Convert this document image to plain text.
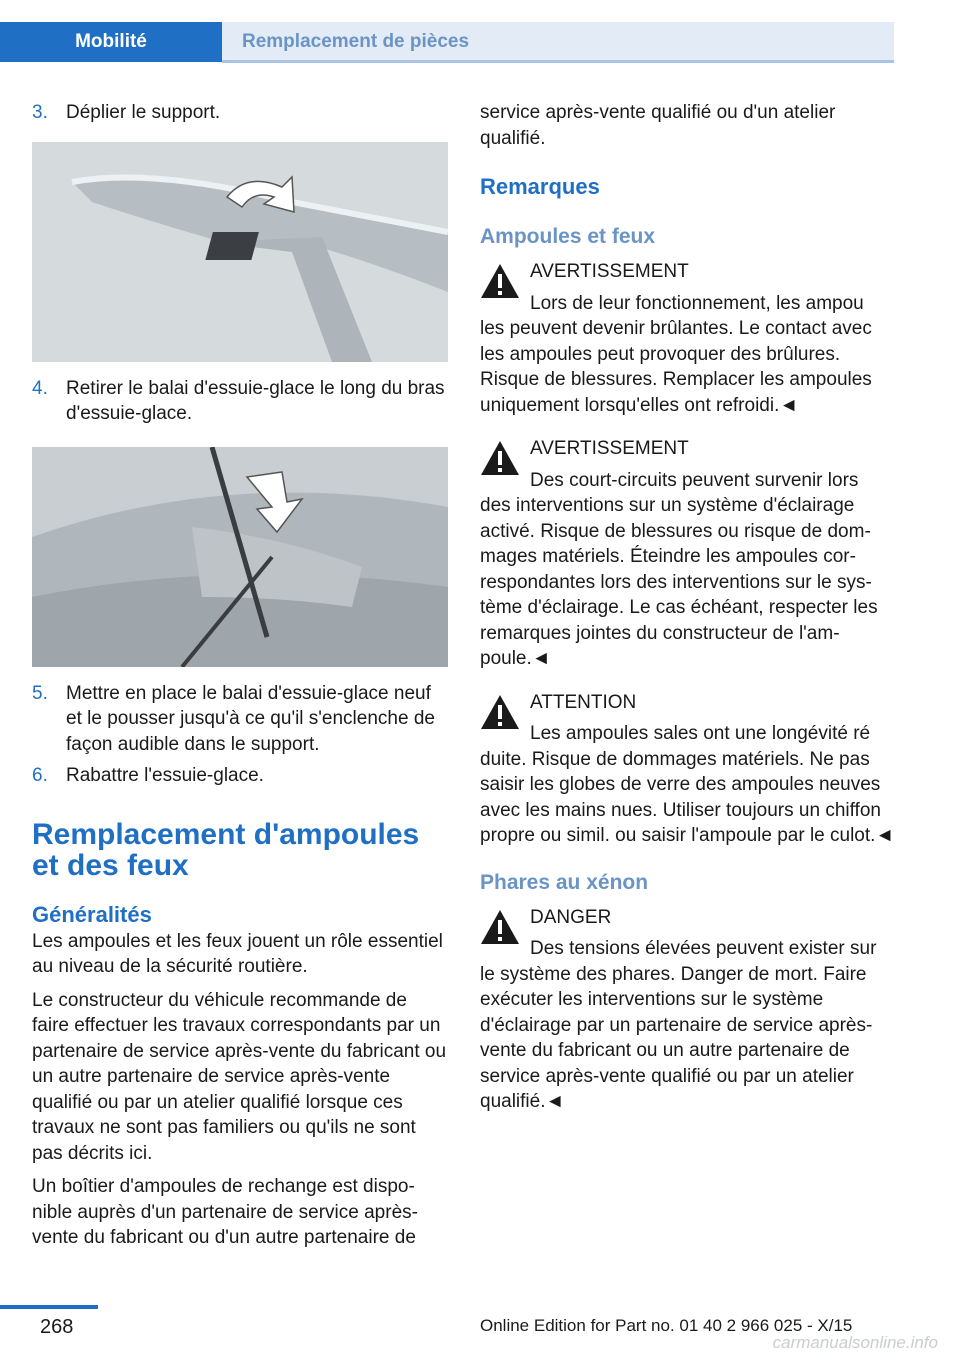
Mobilité	Remplacement de pièces
3. Déplier le support.
4. Retirer le balai d'essuie-glace le long du bras d'essuie-glace.
5. Mettre en place le balai d'essuie-glace neuf et le pousser jusqu'à ce qu'il s'enclenche de façon audible dans le support.
6. Rabattre l'essuie-glace.
Remplacement d'ampoules et des feux
Généralités

Les ampoules et les feux jouent un rôle essentiel au niveau de la sécurité routière.

Le constructeur du véhicule recommande de faire effectuer les travaux correspondants par un partenaire de service après-vente du fabricant ou un autre partenaire de service après-vente qualifié ou par un atelier qualifié lorsque ces travaux ne sont pas familiers ou qu'ils ne sont pas décrits ici.

Un boîtier d'ampoules de rechange est disponible auprès d'un partenaire de service après-vente du fabricant ou d'un autre partenaire de

service après-vente qualifié ou d'un atelier qualifié.

Remarques
Ampoules et feux
AVERTISSEMENT
Lors de leur fonctionnement, les ampou

les peuvent devenir brûlantes. Le contact avec les ampoules peut provoquer des brûlures. Risque de blessures. Remplacer les ampoules uniquement lorsqu'elles ont refroidi.◄

AVERTISSEMENT
Des court-circuits peuvent survenir lors

des interventions sur un système d'éclairage activé. Risque de blessures ou risque de dommages matériels. Éteindre les ampoules correspondantes lors des interventions sur le système d'éclairage. Le cas échéant, respecter les remarques jointes du constructeur de l'ampoule.◄

ATTENTION
Les ampoules sales ont une longévité ré

duite. Risque de dommages matériels. Ne pas saisir les globes de verre des ampoules neuves avec les mains nues. Utiliser toujours un chiffon propre ou simil. ou saisir l'ampoule par le culot.◄

Phares au xénon
DANGER
Des tensions élevées peuvent exister sur

le système des phares. Danger de mort. Faire exécuter les interventions sur le système d'éclairage par un partenaire de service après-vente du fabricant ou un autre partenaire de service après-vente qualifié ou par un atelier qualifié.◄

268	Online Edition for Part no. 01 40 2 966 025 - X/15
carmanualsonline.info
